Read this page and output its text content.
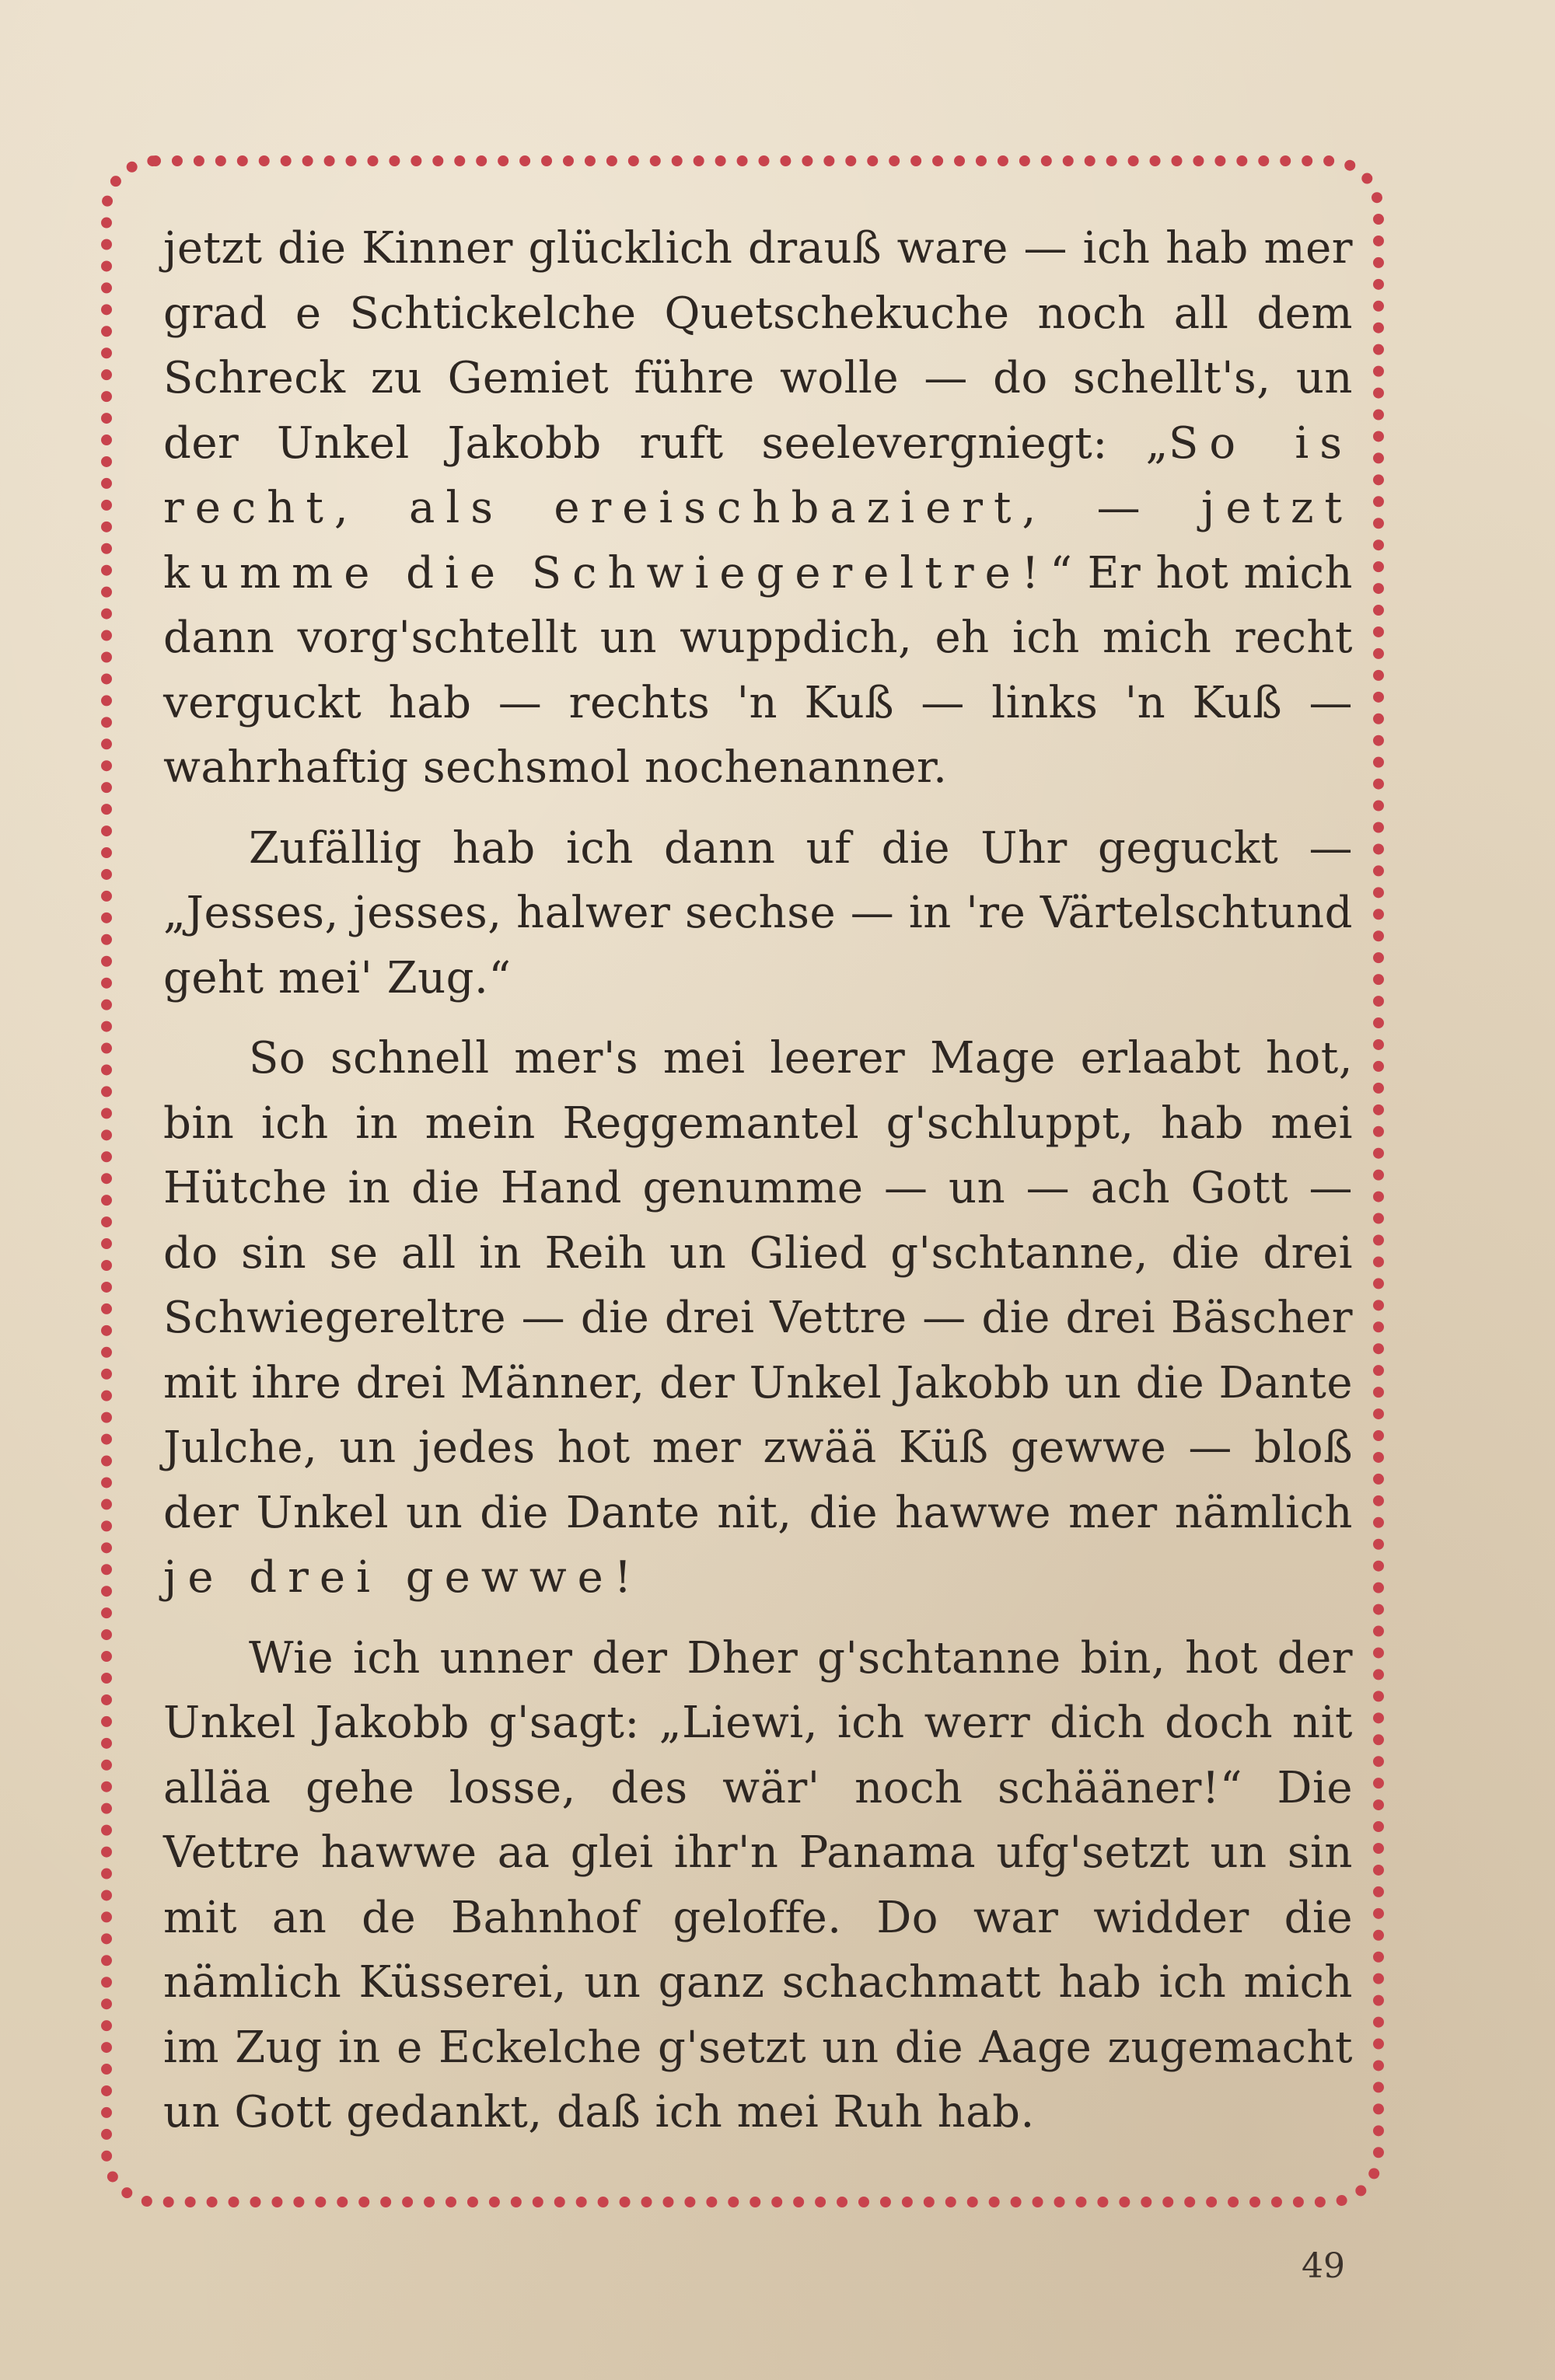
jetzt die Kinner glücklich drauß ware — ich hab mer grad e Schtickelche Quetschekuche noch all dem Schreck zu Gemiet führe wolle — do schellt's, un der Unkel Jakobb ruft seelevergniegt: „So is recht, als ereischbaziert, — jetzt kumme die Schwiegereltre!“ Er hot mich dann vorg'schtellt un wuppdich, eh ich mich recht verguckt hab — rechts 'n Kuß — links 'n Kuß — wahrhaftig sechsmol nochenanner.

Zufällig hab ich dann uf die Uhr geguckt — „Jesses, jesses, halwer sechse — in 're Värtelschtund geht mei' Zug.“

So schnell mer's mei leerer Mage erlaabt hot, bin ich in mein Reggemantel g'schluppt, hab mei Hütche in die Hand genumme — un — ach Gott — do sin se all in Reih un Glied g'schtanne, die drei Schwiegereltre — die drei Vettre — die drei Bäscher mit ihre drei Männer, der Unkel Jakobb un die Dante Julche, un jedes hot mer zwää Küß gewwe — bloß der Unkel un die Dante nit, die hawwe mer nämlich je drei gewwe!

Wie ich unner der Dher g'schtanne bin, hot der Unkel Jakobb g'sagt: „Liewi, ich werr dich doch nit alläa gehe losse, des wär' noch schääner!“ Die Vettre hawwe aa glei ihr'n Panama ufg'setzt un sin mit an de Bahnhof geloffe. Do war widder die nämlich Küsserei, un ganz schachmatt hab ich mich im Zug in e Eckelche g'setzt un die Aage zugemacht un Gott gedankt, daß ich mei Ruh hab.

49
